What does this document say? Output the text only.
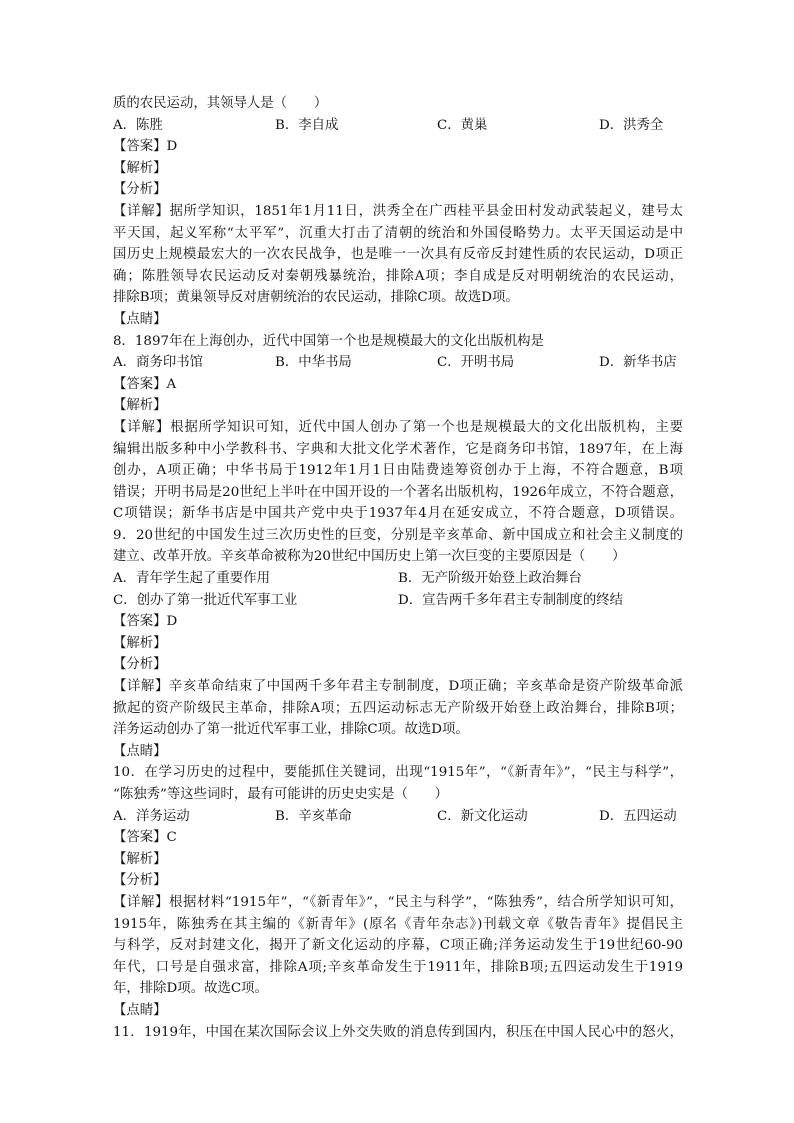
质的农民运动，其领导人是（　　）
A．陈胜	B．李自成	C．黄巢	D．洪秀全
【答案】D
【解析】
【分析】
【详解】据所学知识，1851年1月11日，洪秀全在广西桂平县金田村发动武装起义，建号太
平天国，起义军称“太平军”，沉重大打击了清朝的统治和外国侵略势力。太平天国运动是中
国历史上规模最宏大的一次农民战争，也是唯一一次具有反帝反封建性质的农民运动，D项正
确；陈胜领导农民运动反对秦朝残暴统治，排除A项；李自成是反对明朝统治的农民运动，
排除B项；黄巢领导反对唐朝统治的农民运动，排除C项。故选D项。
【点睛】
8．1897年在上海创办，近代中国第一个也是规模最大的文化出版机构是
A．商务印书馆	B．中华书局	C．开明书局	D．新华书店
【答案】A
【解析】
【详解】根据所学知识可知，近代中国人创办了第一个也是规模最大的文化出版机构，主要
编辑出版多种中小学教科书、字典和大批文化学术著作，它是商务印书馆，1897年，在上海
创办，A项正确；中华书局于1912年1月1日由陆费逵筹资创办于上海，不符合题意，B项
错误；开明书局是20世纪上半叶在中国开设的一个著名出版机构，1926年成立，不符合题意，
C项错误；新华书店是中国共产党中央于1937年4月在延安成立，不符合题意，D项错误。
9．20世纪的中国发生过三次历史性的巨变，分别是辛亥革命、新中国成立和社会主义制度的
建立、改革开放。辛亥革命被称为20世纪中国历史上第一次巨变的主要原因是（　　）
A．青年学生起了重要作用	B．无产阶级开始登上政治舞台
C．创办了第一批近代军事工业	D．宣告两千多年君主专制制度的终结
【答案】D
【解析】
【分析】
【详解】辛亥革命结束了中国两千多年君主专制制度，D项正确；辛亥革命是资产阶级革命派
掀起的资产阶级民主革命，排除A项；五四运动标志无产阶级开始登上政治舞台，排除B项；
洋务运动创办了第一批近代军事工业，排除C项。故选D项。
【点睛】
10．在学习历史的过程中，要能抓住关键词，出现“1915年”，“《新青年》”，“民主与科学”，
“陈独秀”等这些词时，最有可能讲的历史史实是（　　）
A．洋务运动	B．辛亥革命	C．新文化运动	D．五四运动
【答案】C
【解析】
【分析】
【详解】根据材料“1915年”，“《新青年》”，“民主与科学”，“陈独秀”，结合所学知识可知，
1915年，陈独秀在其主编的《新青年》(原名《青年杂志》)刊载文章《敬告青年》提倡民主
与科学，反对封建文化，揭开了新文化运动的序幕，C项正确;洋务运动发生于19世纪60-90
年代，口号是自强求富，排除A项;辛亥革命发生于1911年，排除B项;五四运动发生于1919
年，排除D项。故选C项。
【点睛】
11．1919年，中国在某次国际会议上外交失败的消息传到国内，积压在中国人民心中的怒火，
